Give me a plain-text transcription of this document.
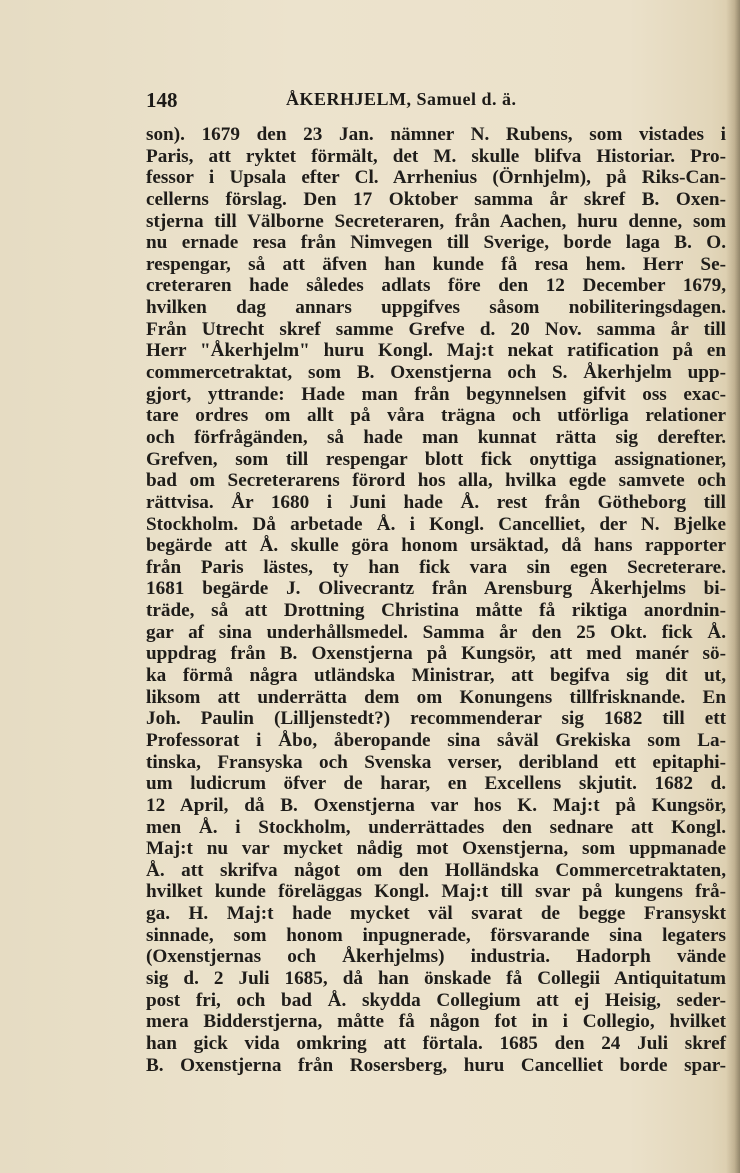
148	ÅKERHJELM, Samuel d. ä.
son). 1679 den 23 Jan. nämner N. Rubens, som vistades i
Paris, att ryktet förmält, det M. skulle blifva Historiar. Pro-
fessor i Upsala efter Cl. Arrhenius (Örnhjelm), på Riks-Can-
cellerns förslag. Den 17 Oktober samma år skref B. Oxen-
stjerna till Välborne Secreteraren, från Aachen, huru denne, som
nu ernade resa från Nimvegen till Sverige, borde laga B. O.
respengar, så att äfven han kunde få resa hem. Herr Se-
creteraren hade således adlats före den 12 December 1679,
hvilken dag annars uppgifves såsom nobiliteringsdagen.
Från Utrecht skref samme Grefve d. 20 Nov. samma år till
Herr "Åkerhjelm" huru Kongl. Maj:t nekat ratification på en
commercetraktat, som B. Oxenstjerna och S. Åkerhjelm upp-
gjort, yttrande: Hade man från begynnelsen gifvit oss exac-
tare ordres om allt på våra trägna och utförliga relationer
och förfrågänden, så hade man kunnat rätta sig derefter.
Grefven, som till respengar blott fick onyttiga assignationer,
bad om Secreterarens förord hos alla, hvilka egde samvete och
rättvisa. År 1680 i Juni hade Å. rest från Götheborg till
Stockholm. Då arbetade Å. i Kongl. Cancelliet, der N. Bjelke
begärde att Å. skulle göra honom ursäktad, då hans rapporter
från Paris lästes, ty han fick vara sin egen Secreterare.
1681 begärde J. Olivecrantz från Arensburg Åkerhjelms bi-
träde, så att Drottning Christina måtte få riktiga anordnin-
gar af sina underhållsmedel. Samma år den 25 Okt. fick Å.
uppdrag från B. Oxenstjerna på Kungsör, att med manér sö-
ka förmå några utländska Ministrar, att begifva sig dit ut,
liksom att underrätta dem om Konungens tillfrisknande. En
Joh. Paulin (Lilljenstedt?) recommenderar sig 1682 till ett
Professorat i Åbo, åberopande sina såväl Grekiska som La-
tinska, Fransyska och Svenska verser, deribland ett epitaphi-
um ludicrum öfver de harar, en Excellens skjutit. 1682 d.
12 April, då B. Oxenstjerna var hos K. Maj:t på Kungsör,
men Å. i Stockholm, underrättades den sednare att Kongl.
Maj:t nu var mycket nådig mot Oxenstjerna, som uppmanade
Å. att skrifva något om den Holländska Commercetraktaten,
hvilket kunde föreläggas Kongl. Maj:t till svar på kungens frå-
ga. H. Maj:t hade mycket väl svarat de begge Fransyskt
sinnade, som honom inpugnerade, försvarande sina legaters
(Oxenstjernas och Åkerhjelms) industria. Hadorph vände
sig d. 2 Juli 1685, då han önskade få Collegii Antiquitatum
post fri, och bad Å. skydda Collegium att ej Heisig, seder-
mera Bidderstjerna, måtte få någon fot in i Collegio, hvilket
han gick vida omkring att förtala. 1685 den 24 Juli skref
B. Oxenstjerna från Rosersberg, huru Cancelliet borde spar-
